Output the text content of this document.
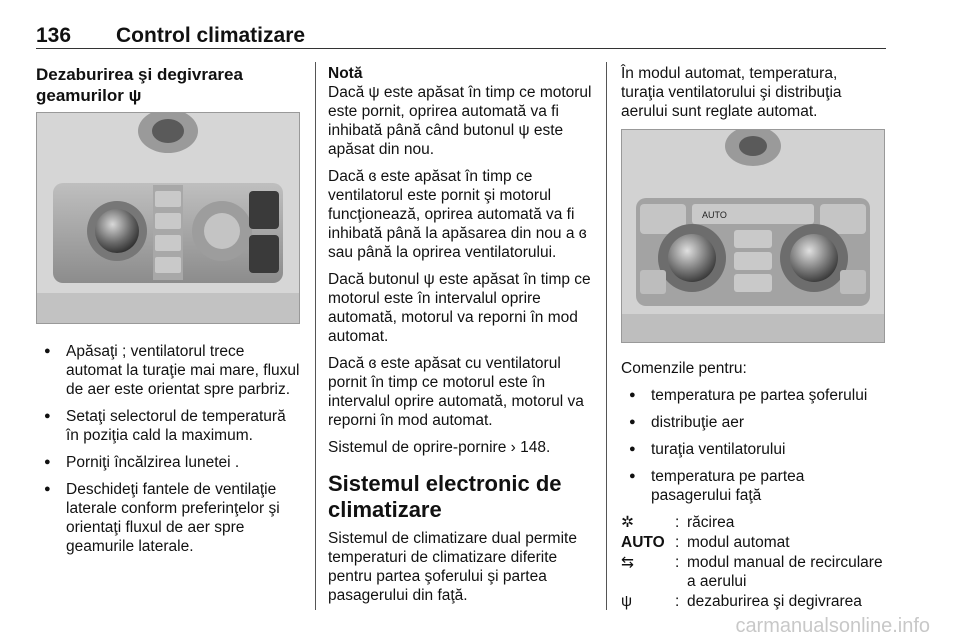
136 Control climatizare
Dezaburirea şi degivrarea
geamurilor ψ
● Apăsaţi ; ventilatorul trece automat la turaţie mai mare, fluxul de aer este orientat spre parbriz.
● Setaţi selectorul de temperatură în poziţia cald la maximum.
● Porniţi încălzirea lunetei .
● Deschideţi fantele de ventilaţie laterale conform preferinţelor şi orientaţi fluxul de aer spre geamurile laterale.
Notă

Dacă ψ este apăsat în timp ce motorul este pornit, oprirea automată va fi inhibată până când butonul ψ este apăsat din nou.

Dacă ɞ este apăsat în timp ce ventilatorul este pornit şi motorul funcţionează, oprirea automată va fi inhibată până la apăsarea din nou a ɞ sau până la oprirea ventilatorului.

Dacă butonul ψ este apăsat în timp ce motorul este în intervalul oprire automată, motorul va reporni în mod automat.

Dacă ɞ este apăsat cu ventilatorul pornit în timp ce motorul este în intervalul oprire automată, motorul va reporni în mod automat.

Sistemul de oprire-pornire › 148.

Sistemul electronic de climatizare

Sistemul de climatizare dual permite temperaturi de climatizare diferite pentru partea şoferului şi partea pasagerului din faţă.

În modul automat, temperatura, turaţia ventilatorului şi distribuţia aerului sunt reglate automat.

AUTO

Comenzile pentru:

● temperatura pe partea şoferului
● distribuţie aer
● turaţia ventilatorului
● temperatura pe partea pasagerului faţă
✲	: răcirea
AUTO : modul automat
⇆	: modul manual de recirculare a aerului
ψ	: dezaburirea şi degivrarea
carmanualsonline.info
